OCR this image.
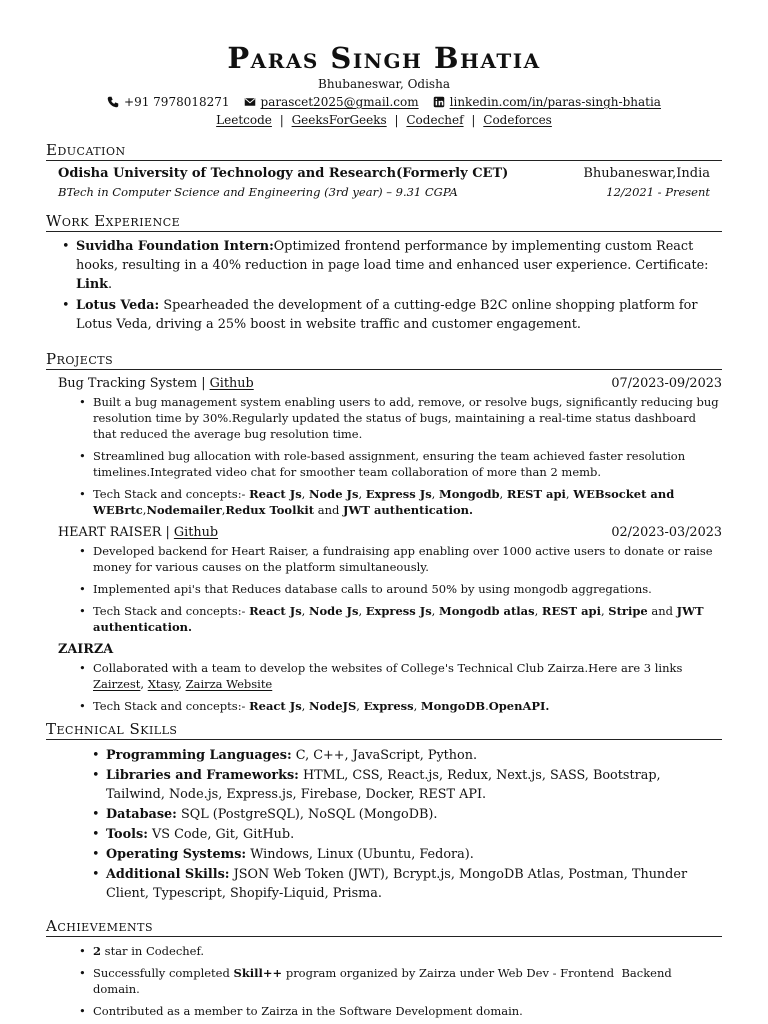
Paras Singh Bhatia
Bhubaneswar, Odisha
+91 7978018271	parascet2025@gmail.com	linkedin.com/in/paras-singh-bhatia
Leetcode | GeeksForGeeks | Codechef | Codeforces
Education
Odisha University of Technology and Research(Formerly CET)	Bhubaneswar,India
BTech in Computer Science and Engineering (3rd year) – 9.31 CGPA	12/2021 - Present
Work Experience
• Suvidha Foundation Intern:Optimized frontend performance by implementing custom React hooks, resulting in a 40% reduction in page load time and enhanced user experience. Certificate: Link.
• Lotus Veda: Spearheaded the development of a cutting-edge B2C online shopping platform for Lotus Veda, driving a 25% boost in website traffic and customer engagement.
Projects
Bug Tracking System | Github	07/2023-09/2023
• Built a bug management system enabling users to add, remove, or resolve bugs, significantly reducing bug resolution time by 30%.Regularly updated the status of bugs, maintaining a real-time status dashboard that reduced the average bug resolution time.
• Streamlined bug allocation with role-based assignment, ensuring the team achieved faster resolution timelines.Integrated video chat for smoother team collaboration of more than 2 memb.
• Tech Stack and concepts:- React Js, Node Js, Express Js, Mongodb, REST api, WEBsocket and WEBrtc,Nodemailer,Redux Toolkit and JWT authentication.
HEART RAISER | Github	02/2023-03/2023
• Developed backend for Heart Raiser, a fundraising app enabling over 1000 active users to donate or raise money for various causes on the platform simultaneously.
• Implemented api's that Reduces database calls to around 50% by using mongodb aggregations.
• Tech Stack and concepts:- React Js, Node Js, Express Js, Mongodb atlas, REST api, Stripe and JWT authentication.
ZAIRZA
• Collaborated with a team to develop the websites of College's Technical Club Zairza.Here are 3 links Zairzest, Xtasy, Zairza Website
• Tech Stack and concepts:- React Js, NodeJS, Express, MongoDB.OpenAPI.
Technical Skills
• Programming Languages: C, C++, JavaScript, Python.
• Libraries and Frameworks: HTML, CSS, React.js, Redux, Next.js, SASS, Bootstrap, Tailwind, Node.js, Express.js, Firebase, Docker, REST API.
• Database: SQL (PostgreSQL), NoSQL (MongoDB).
• Tools: VS Code, Git, GitHub.
• Operating Systems: Windows, Linux (Ubuntu, Fedora).
• Additional Skills: JSON Web Token (JWT), Bcrypt.js, MongoDB Atlas, Postman, Thunder Client, Typescript, Shopify-Liquid, Prisma.
Achievements
• 2 star in Codechef.
• Successfully completed Skill++ program organized by Zairza under Web Dev - Frontend  Backend domain.
• Contributed as a member to Zairza in the Software Development domain.
